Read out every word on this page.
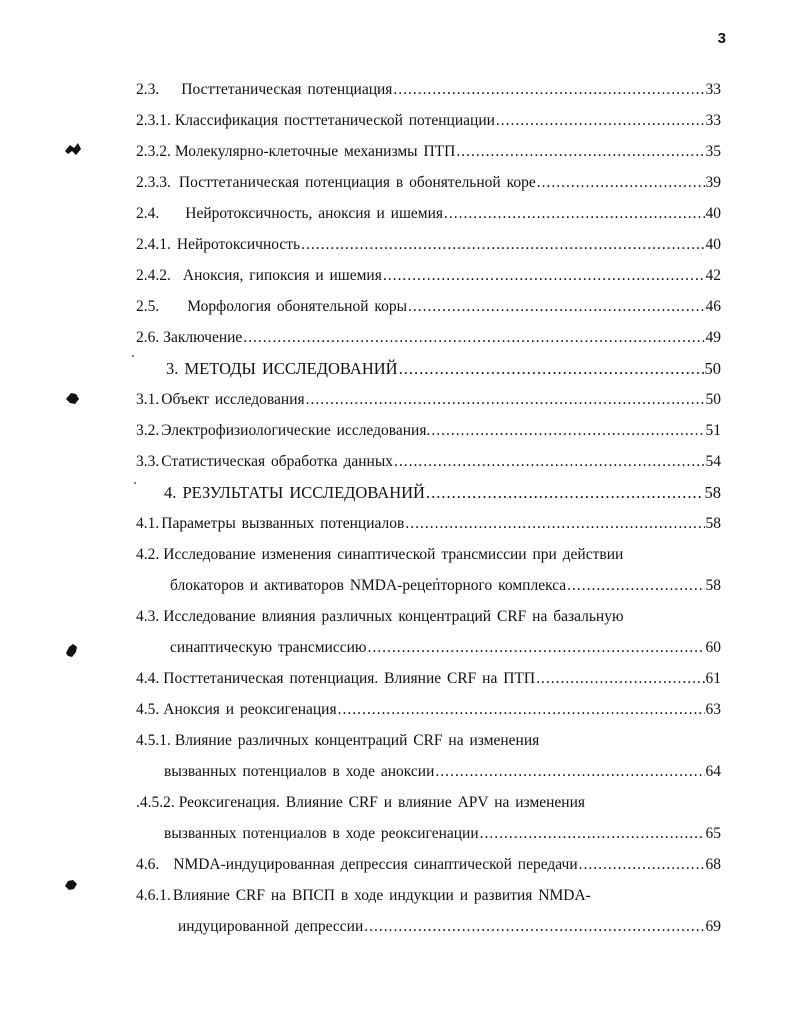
3
2.3. Посттетаническая потенциация .....	33
2.3.1. Классификация посттетанической потенциации .....	33
2.3.2. Молекулярно-клеточные механизмы ПТП .....	35
2.3.3. Посттетаническая потенциация в обонятельной коре .....	39
2.4. Нейротоксичность, аноксия и ишемия .....	40
2.4.1. Нейротоксичность .....	40
2.4.2. Аноксия, гипоксия и ишемия .....	42
2.5. Морфология обонятельной коры .....	46
2.6. Заключение .....	49
3. МЕТОДЫ ИССЛЕДОВАНИЙ .....	50
3.1. Объект исследования .....	50
3.2. Электрофизиологические исследования. .....	51
3.3. Статистическая обработка данных .....	54
4. РЕЗУЛЬТАТЫ ИССЛЕДОВАНИЙ .....	58
4.1. Параметры вызванных потенциалов .....	58
4.2. Исследование изменения синаптической трансмиссии при действии
блокаторов и активаторов NMDA-рецепторного комплекса .....	58
4.3. Исследование влияния различных концентраций CRF на базальную
синаптическую трансмиссию .....	60
4.4. Посттетаническая потенциация. Влияние CRF на ПТП .....	61
4.5. Аноксия и реоксигенация .....	63
4.5.1. Влияние различных концентраций CRF на изменения
вызванных потенциалов в ходе аноксии .....	64
.4.5.2. Реоксигенация. Влияние CRF и влияние APV на изменения
вызванных потенциалов в ходе реоксигенации .....	65
4.6. NMDA-индуцированная депрессия синаптической передачи .....	68
4.6.1. Влияние CRF на ВПСП в ходе индукции и развития NMDA-
индуцированной депрессии .....	69
